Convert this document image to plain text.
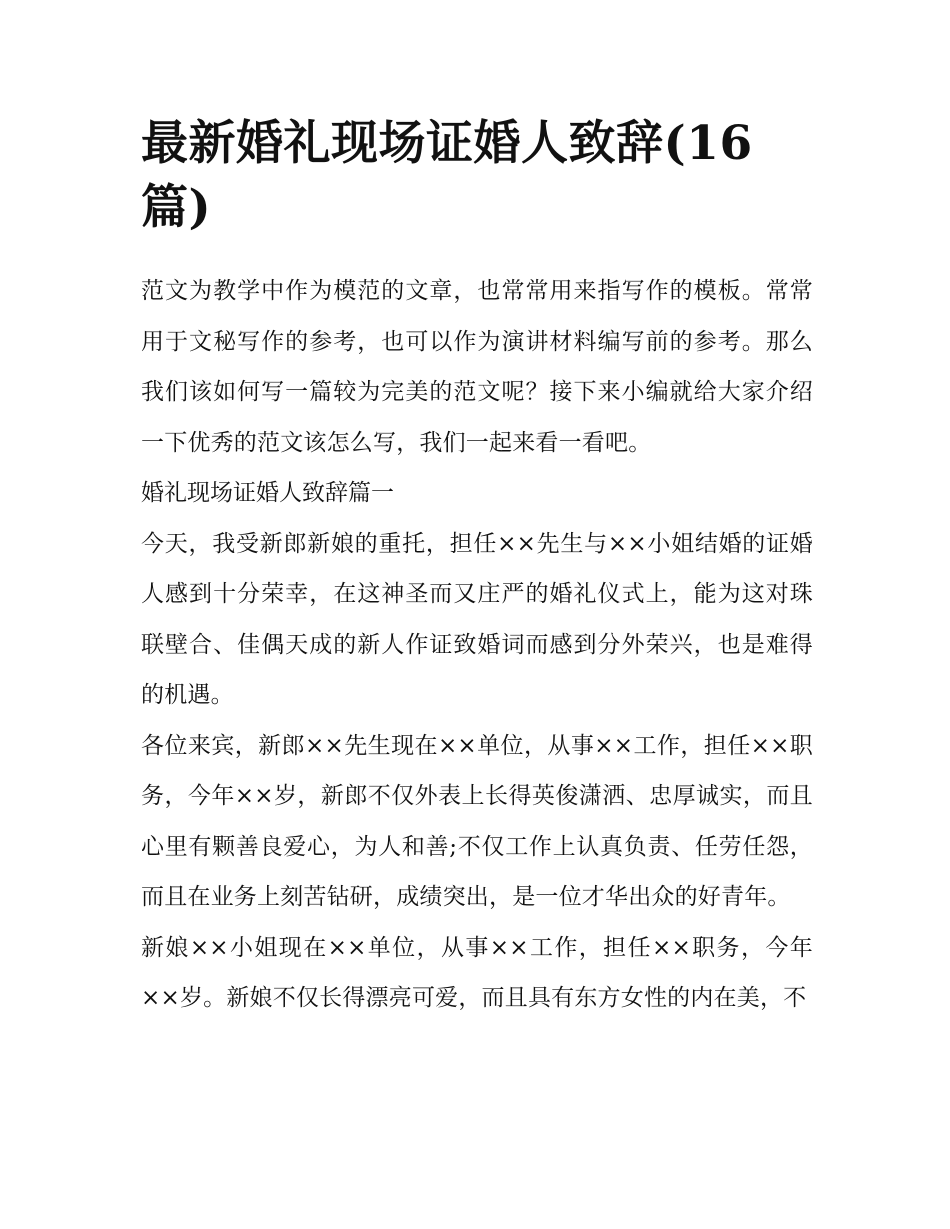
最新婚礼现场证婚人致辞(16篇)

范文为教学中作为模范的文章，也常常用来指写作的模板。常常用于文秘写作的参考，也可以作为演讲材料编写前的参考。那么我们该如何写一篇较为完美的范文呢？接下来小编就给大家介绍一下优秀的范文该怎么写，我们一起来看一看吧。

婚礼现场证婚人致辞篇一

今天，我受新郎新娘的重托，担任××先生与××小姐结婚的证婚人感到十分荣幸，在这神圣而又庄严的婚礼仪式上，能为这对珠联壁合、佳偶天成的新人作证致婚词而感到分外荣兴，也是难得的机遇。

各位来宾，新郎××先生现在××单位，从事××工作，担任××职务，今年××岁，新郎不仅外表上长得英俊潇洒、忠厚诚实，而且心里有颗善良爱心，为人和善;不仅工作上认真负责、任劳任怨，而且在业务上刻苦钻研，成绩突出，是一位才华出众的好青年。

新娘××小姐现在××单位，从事××工作，担任××职务，今年××岁。新娘不仅长得漂亮可爱，而且具有东方女性的内在美，不
